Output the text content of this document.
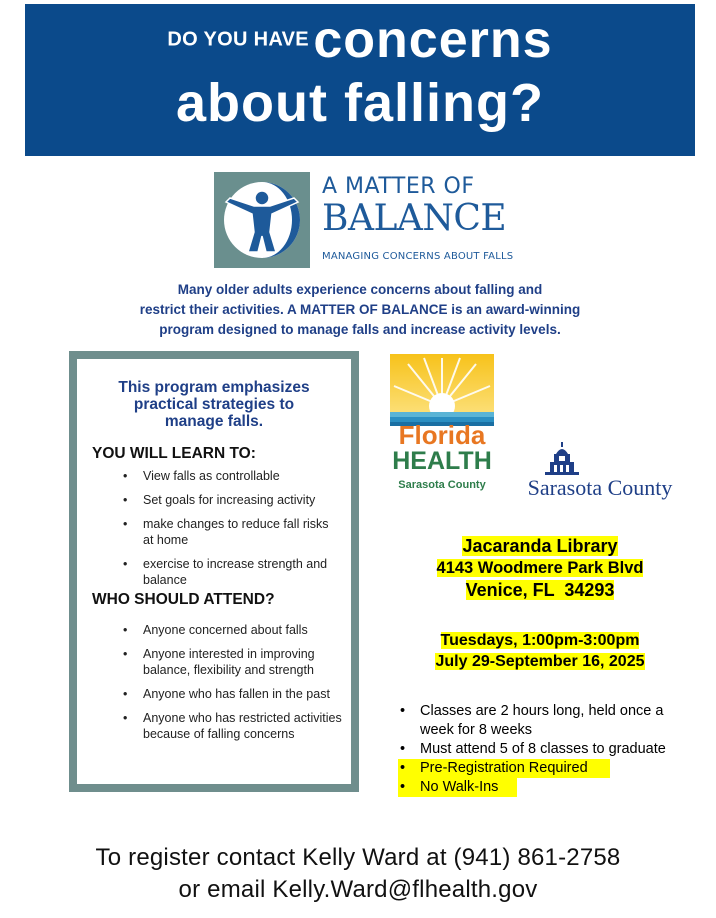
DO YOU HAVE concerns
about falling?
A MATTER OF
BALANCE
MANAGING CONCERNS ABOUT FALLS
Many older adults experience concerns about falling and
restrict their activities. A MATTER OF BALANCE is an award-winning
program designed to manage falls and increase activity levels.
This program emphasizes
practical strategies to
manage falls.
YOU WILL LEARN TO:
• View falls as controllable
• Set goals for increasing activity
• make changes to reduce fall risks at home
• exercise to increase strength and balance
WHO SHOULD ATTEND?
• Anyone concerned about falls
• Anyone interested in improving balance, flexibility and strength
• Anyone who has fallen in the past
• Anyone who has restricted activities because of falling concerns
Florida
HEALTH
Sarasota County Sarasota County
Jacaranda Library
4143 Woodmere Park Blvd
Venice, FL  34293
Tuesdays, 1:00pm-3:00pm
July 29-September 16, 2025
• Classes are 2 hours long, held once a week for 8 weeks
• Must attend 5 of 8 classes to graduate
• Pre-Registration Required
• No Walk-Ins
To register contact Kelly Ward at (941) 861-2758
or email Kelly.Ward@flhealth.gov
